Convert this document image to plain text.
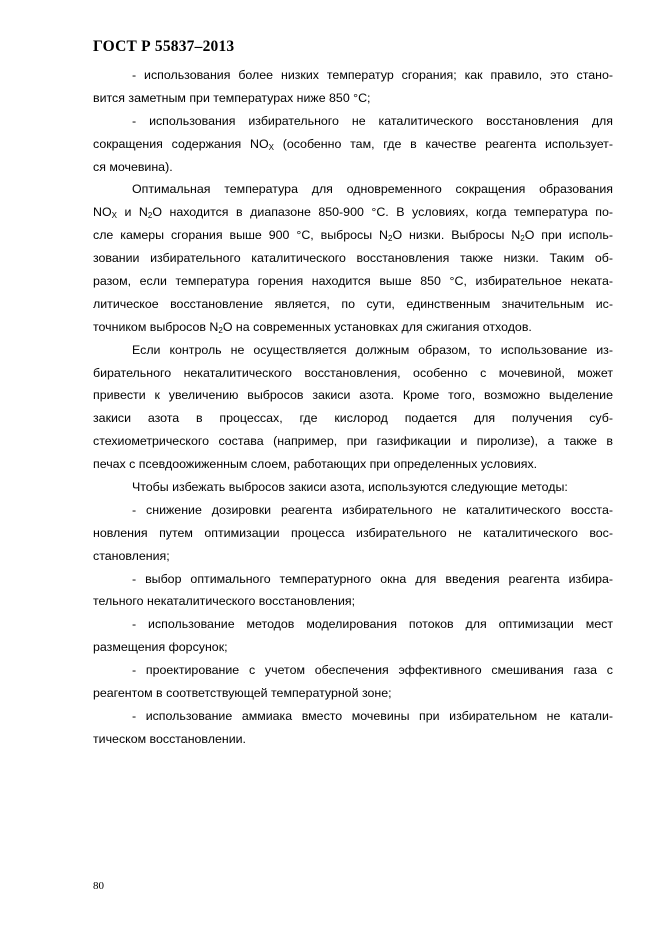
ГОСТ Р 55837–2013
- использования более низких температур сгорания; как правило, это стано-
вится заметным при температурах ниже 850 °С;
- использования избирательного не каталитического восстановления для
сокращения содержания $NO_X$ (особенно там, где в качестве реагента использует-
ся мочевина).
Оптимальная температура для одновременного сокращения образования
$NO_X$ и $N_2O$ находится в диапазоне 850-900 °С. В условиях, когда температура по-
сле камеры сгорания выше 900 °С, выбросы $N_2O$ низки. Выбросы $N_2O$ при исполь-
зовании избирательного каталитического восстановления также низки. Таким об-
разом, если температура горения находится выше 850 °С, избирательное неката-
литическое восстановление является, по сути, единственным значительным ис-
точником выбросов $N_2O$ на современных установках для сжигания отходов.
Если контроль не осуществляется должным образом, то использование из-
бирательного некаталитического восстановления, особенно с мочевиной, может
привести к увеличению выбросов закиси азота. Кроме того, возможно выделение
закиси азота в процессах, где кислород подается для получения суб-
стехиометрического состава (например, при газификации и пиролизе), а также в
печах с псевдоожиженным слоем, работающих при определенных условиях.
Чтобы избежать выбросов закиси азота, используются следующие методы:
- снижение дозировки реагента избирательного не каталитического восста-
новления путем оптимизации процесса избирательного не каталитического вос-
становления;
- выбор оптимального температурного окна для введения реагента избира-
тельного некаталитического восстановления;
- использование методов моделирования потоков для оптимизации мест
размещения форсунок;
- проектирование с учетом обеспечения эффективного смешивания газа с
реагентом в соответствующей температурной зоне;
- использование аммиака вместо мочевины при избирательном не катали-
тическом восстановлении.
80
